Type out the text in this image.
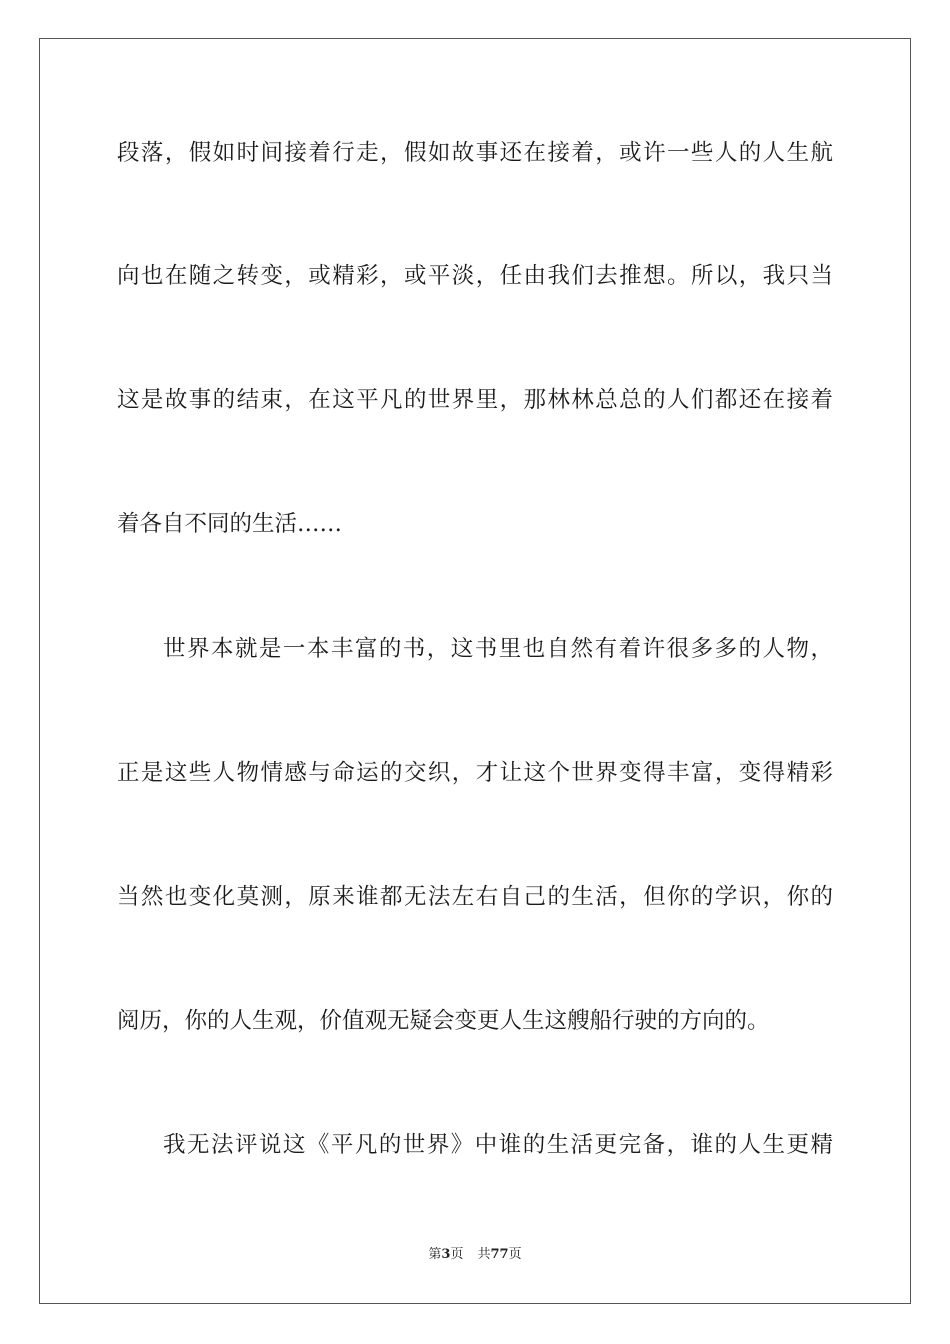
段落，假如时间接着行走，假如故事还在接着，或许一些人的人生航
向也在随之转变，或精彩，或平淡，任由我们去推想。所以，我只当
这是故事的结束，在这平凡的世界里，那林林总总的人们都还在接着
着各自不同的生活……
世界本就是一本丰富的书，这书里也自然有着许很多多的人物，
正是这些人物情感与命运的交织，才让这个世界变得丰富，变得精彩
当然也变化莫测，原来谁都无法左右自己的生活，但你的学识，你的
阅历，你的人生观，价值观无疑会变更人生这艘船行驶的方向的。
我无法评说这《平凡的世界》中谁的生活更完备，谁的人生更精
第3页 共77页
